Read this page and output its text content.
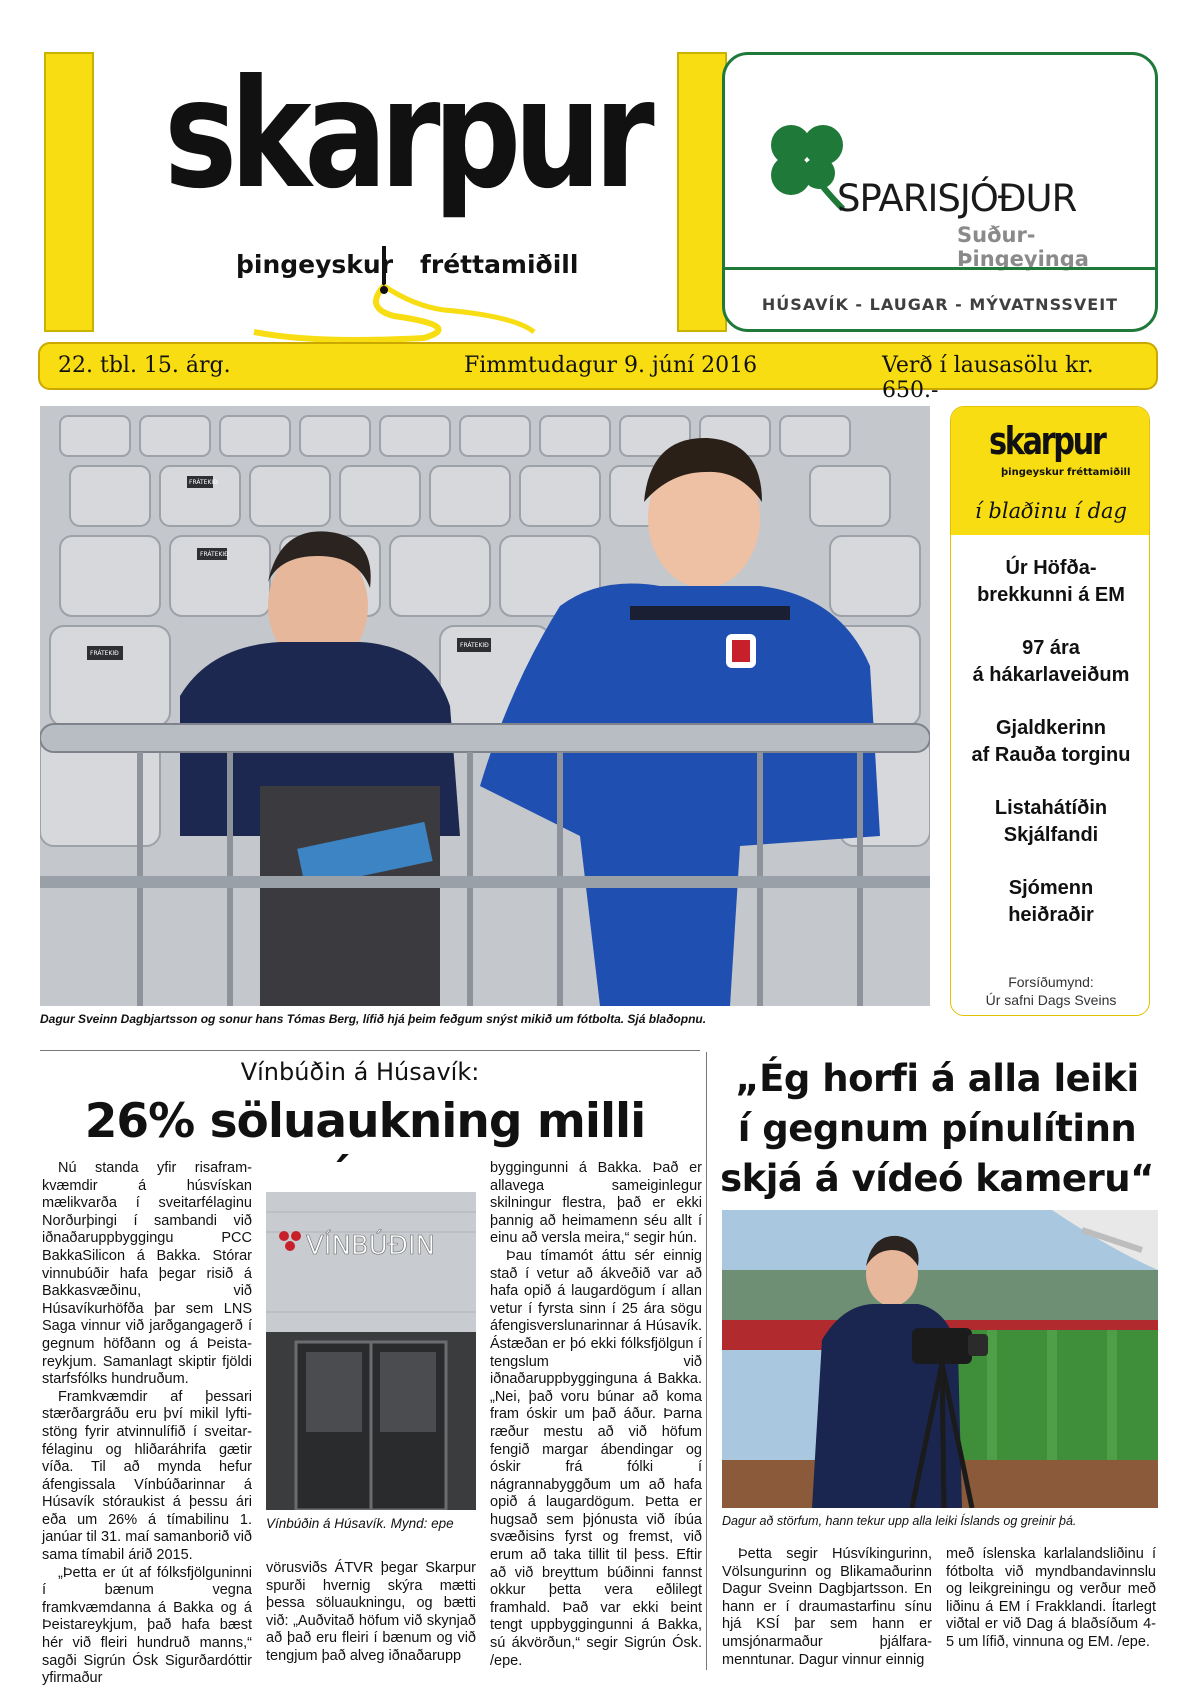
skarpur
þingeyskur fréttamiðill
SPARISJÓÐUR
Suður-Þingeyinga
HÚSAVÍK - LAUGAR - MÝVATNSSVEIT
22. tbl. 15. árg.	Fimmtudagur 9. júní 2016	Verð í lausasölu kr. 650.-
FRÁTEKIÐ
FRÁTEKIÐ
FRÁTEKIÐ
FRÁTEKIÐ
Dagur Sveinn Dagbjartsson og sonur hans Tómas Berg, lífið hjá þeim feðgum snýst mikið um fótbolta. Sjá blaðopnu.
skarpur
þingeyskur fréttamiðill
í blaðinu í dag
Úr Höfða-
brekkunni á EM
97 ára
á hákarlaveiðum
Gjaldkerinn
af Rauða torginu
Listahátíðin
Skjálfandi
Sjómenn
heiðraðir
Forsíðumynd:
Úr safni Dags Sveins
Vínbúðin á Húsavík:
26% söluaukning milli

Nú standa yfir risaframkvæmdir á húsvískan mælikvarða í sveitarfélaginu Norðurþingi í sambandi við iðnaðaruppbyggingu PCC BakkaSilicon á Bakka. Stórar vinnubúðir hafa þegar risið á Bakkasvæðinu, við Húsavíkurhöfða þar sem LNS Saga vinnur við jarðgangagerð í gegnum höfðann og á Þeistareykjum. Samanlagt skiptir fjöldi starfsfólks hundruðum.

Framkvæmdir af þessari stærðargráðu eru því mikil lyftistöng fyrir atvinnulífið í sveitarfélaginu og hliðaráhrifa gætir víða. Til að mynda hefur áfengissala Vínbúðarinnar á Húsavík stóraukist á þessu ári eða um 26% á tímabilinu 1. janúar til 31. maí samanborið við sama tímabil árið 2015.

„Þetta er út af fólksfjölguninni í bænum vegna framkvæmdanna á Bakka og á Þeistareykjum, það hafa bæst hér við fleiri hundruð manns,“ sagði Sigrún Ósk Sigurðardóttir yfirmaður

VÍNBÚÐIN
Vínbúðin á Húsavík. Mynd: epe

vörusviðs ÁTVR þegar Skarpur spurði hvernig skýra mætti þessa söluaukningu, og bætti við: „Auðvitað höfum við skynjað að það eru fleiri í bænum og við tengjum það alveg iðnaðarupp

byggingunni á Bakka. Það er allavega sameiginlegur skilningur flestra, það er ekki þannig að heimamenn séu allt í einu að versla meira,“ segir hún.

Þau tímamót áttu sér einnig stað í vetur að ákveðið var að hafa opið á laugardögum í allan vetur í fyrsta sinn í 25 ára sögu áfengisverslunarinnar á Húsavík. Ástæðan er þó ekki fólksfjölgun í tengslum við iðnaðaruppbygginguna á Bakka. „Nei, það voru búnar að koma fram óskir um það áður. Þarna ræður mestu að við höfum fengið margar ábendingar og óskir frá fólki í nágrannabyggðum um að hafa opið á laugardögum. Þetta er hugsað sem þjónusta við íbúa svæðisins fyrst og fremst, við erum að taka tillit til þess. Eftir að við breyttum búðinni fannst okkur þetta vera eðlilegt framhald. Það var ekki beint tengt uppbyggingunni á Bakka, sú ákvörðun,“ segir Sigrún Ósk. /epe.

„Ég horfi á alla leiki
í gegnum pínulítinn
skjá á vídeó kameru“
Dagur að störfum, hann tekur upp alla leiki Íslands og greinir þá.

Þetta segir Húsvíkingurinn, Völsungurinn og Blikamaðurinn Dagur Sveinn Dagbjartsson. En hann er í draumastarfinu sínu hjá KSÍ þar sem hann er umsjónarmaður þjálfaramenntunar. Dagur vinnur einnig

með íslenska karlalandsliðinu í fótbolta við myndbandavinnslu og leikgreiningu og verður með liðinu á EM í Frakklandi. Ítarlegt viðtal er við Dag á blaðsíðum 4-5 um lífið, vinnuna og EM. /epe.
